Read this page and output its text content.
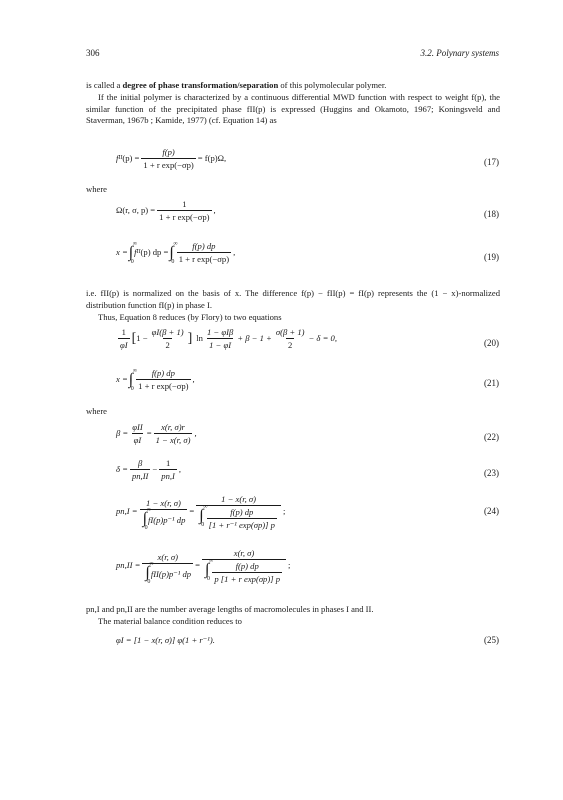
306	3.2. Polynary systems
is called a degree of phase transformation/separation of this polymolecular polymer.
If the initial polymer is characterized by a continuous differential MWD function with respect to weight f(p), the similar function of the precipitated phase fII(p) is expressed (Huggins and Okamoto, 1967; Koningsveld and Staverman, 1967b ; Kamide, 1977) (cf. Equation 14) as
f II $(p) = \frac{f(p)}{\text{1 + r exp(−σp)}} = f(p)\Omega$,	(17)
where
Ω(r, σ, $p) = \frac{1}{\text{1 + r exp(−σp)}}$ ,	(18)
x = ∫ ∞
0
f II (p) dp = ∫ ∞
$0 \frac{f(p) dp}{\text{1 + r exp(−σp)}}$ ,
(19)
i.e. fII(p) is normalized on the basis of x. The difference f(p) − fII(p) = fI(p) represents the (1 − x)-normalized distribution function fI(p) in phase I.
Thus, Equation 8 reduces (by Flory) to two equations
$\frac{1}{\varphi I}$ [ $1 - \frac{\varphi I(\beta + 1)}{2}$ ] $\ln \frac{\text{1 − φIβ}}{1 - \varphi I} + \beta - 1 + \frac{\sigma(\beta + 1)}{2} - \delta = 0$,
(20)
x = ∫ ∞
$0 \frac{f(p) dp}{\text{1 + r exp(−σp)}}$ ,	(21)
where
$\beta = \frac{\text{φII}}{\varphi I} = \frac{x(r, \sigma)r}{1 - x(r, \sigma)}$ ,	(22)
$\delta = \frac{\beta}{pn,II} - \frac{1}{pn,I}$ ,	(23)
pn,I = 1 − x(r, σ)
∫ ∞
0
fI(p)p⁻¹ dp = 1 − x(r, σ)
∫ ∞
$0 \frac{f(p) dp}{\text{[1 + r⁻¹ exp(σp)] p}}$ ;	(24)
pn,II = x(r, σ)
∫ ∞
0
fII(p)p⁻¹ dp = x(r, σ)
∫ ∞
$0 \frac{f(p) dp}{\text{p [1 + r exp(σp)] p}}$ ;
pn,I and pn,II are the number average lengths of macromolecules in phases I and II.
The material balance condition reduces to
φI = [1 − x(r, σ)] φ(1 + r⁻¹).	(25)
